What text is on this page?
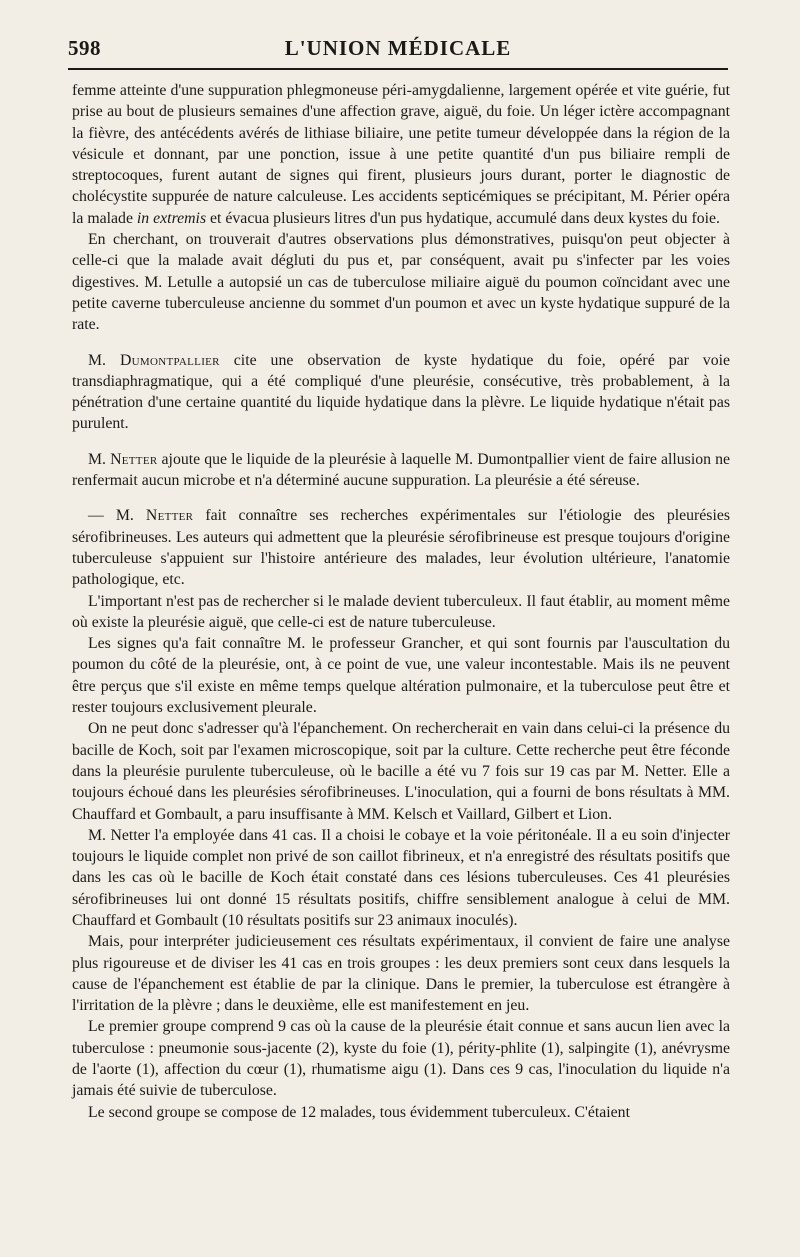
598	L'UNION MÉDICALE

femme atteinte d'une suppuration phlegmoneuse péri-amygdalienne, largement opérée et vite guérie, fut prise au bout de plusieurs semaines d'une affection grave, aiguë, du foie. Un léger ictère accompagnant la fièvre, des antécédents avérés de lithiase biliaire, une petite tumeur développée dans la région de la vésicule et donnant, par une ponction, issue à une petite quantité d'un pus biliaire rempli de streptocoques, furent autant de signes qui firent, plusieurs jours durant, porter le diagnostic de cholécystite suppurée de nature calculeuse. Les accidents septicémiques se précipitant, M. Périer opéra la malade in extremis et évacua plusieurs litres d'un pus hydatique, accumulé dans deux kystes du foie.

En cherchant, on trouverait d'autres observations plus démonstratives, puisqu'on peut objecter à celle-ci que la malade avait dégluti du pus et, par conséquent, avait pu s'infecter par les voies digestives. M. Letulle a autopsié un cas de tuberculose miliaire aiguë du poumon coïncidant avec une petite caverne tuberculeuse ancienne du sommet d'un poumon et avec un kyste hydatique suppuré de la rate.

M. Dumontpallier cite une observation de kyste hydatique du foie, opéré par voie transdiaphragmatique, qui a été compliqué d'une pleurésie, consécutive, très probablement, à la pénétration d'une certaine quantité du liquide hydatique dans la plèvre. Le liquide hydatique n'était pas purulent.

M. Netter ajoute que le liquide de la pleurésie à laquelle M. Dumontpallier vient de faire allusion ne renfermait aucun microbe et n'a déterminé aucune suppuration. La pleurésie a été séreuse.

— M. Netter fait connaître ses recherches expérimentales sur l'étiologie des pleurésies sérofibrineuses. Les auteurs qui admettent que la pleurésie sérofibrineuse est presque toujours d'origine tuberculeuse s'appuient sur l'histoire antérieure des malades, leur évolution ultérieure, l'anatomie pathologique, etc.

L'important n'est pas de rechercher si le malade devient tuberculeux. Il faut établir, au moment même où existe la pleurésie aiguë, que celle-ci est de nature tuberculeuse.

Les signes qu'a fait connaître M. le professeur Grancher, et qui sont fournis par l'auscultation du poumon du côté de la pleurésie, ont, à ce point de vue, une valeur incontestable. Mais ils ne peuvent être perçus que s'il existe en même temps quelque altération pulmonaire, et la tuberculose peut être et rester toujours exclusivement pleurale.

On ne peut donc s'adresser qu'à l'épanchement. On rechercherait en vain dans celui-ci la présence du bacille de Koch, soit par l'examen microscopique, soit par la culture. Cette recherche peut être féconde dans la pleurésie purulente tuberculeuse, où le bacille a été vu 7 fois sur 19 cas par M. Netter. Elle a toujours échoué dans les pleurésies sérofibrineuses. L'inoculation, qui a fourni de bons résultats à MM. Chauffard et Gombault, a paru insuffisante à MM. Kelsch et Vaillard, Gilbert et Lion.

M. Netter l'a employée dans 41 cas. Il a choisi le cobaye et la voie péritonéale. Il a eu soin d'injecter toujours le liquide complet non privé de son caillot fibrineux, et n'a enregistré des résultats positifs que dans les cas où le bacille de Koch était constaté dans ces lésions tuberculeuses. Ces 41 pleurésies sérofibrineuses lui ont donné 15 résultats positifs, chiffre sensiblement analogue à celui de MM. Chauffard et Gombault (10 résultats positifs sur 23 animaux inoculés).

Mais, pour interpréter judicieusement ces résultats expérimentaux, il convient de faire une analyse plus rigoureuse et de diviser les 41 cas en trois groupes : les deux premiers sont ceux dans lesquels la cause de l'épanchement est établie de par la clinique. Dans le premier, la tuberculose est étrangère à l'irritation de la plèvre ; dans le deuxième, elle est manifestement en jeu.

Le premier groupe comprend 9 cas où la cause de la pleurésie était connue et sans aucun lien avec la tuberculose : pneumonie sous-jacente (2), kyste du foie (1), périty-phlite (1), salpingite (1), anévrysme de l'aorte (1), affection du cœur (1), rhumatisme aigu (1). Dans ces 9 cas, l'inoculation du liquide n'a jamais été suivie de tuberculose.

Le second groupe se compose de 12 malades, tous évidemment tuberculeux. C'étaient
